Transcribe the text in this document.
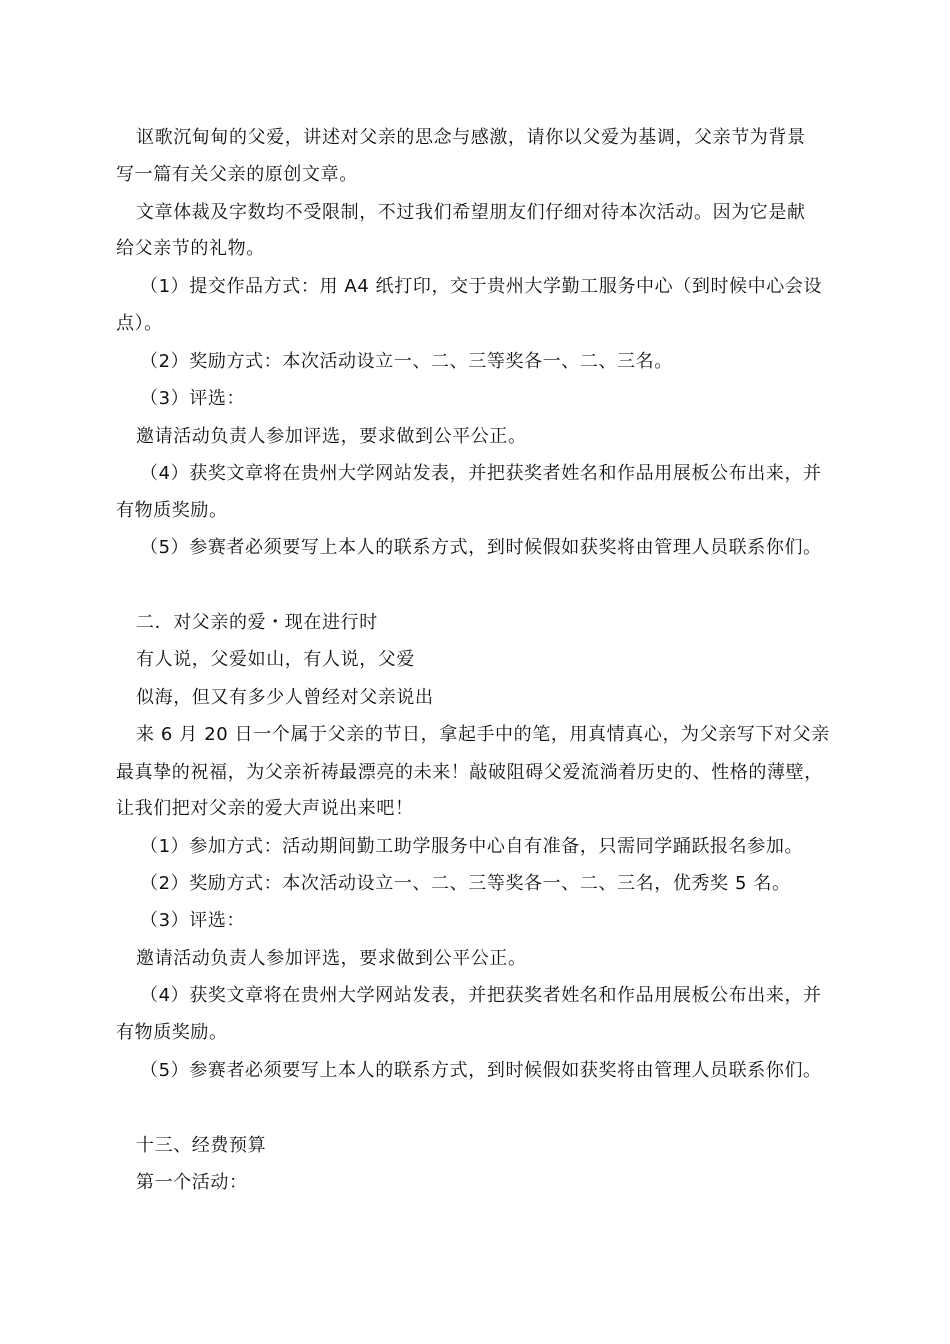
讴歌沉甸甸的父爱，讲述对父亲的思念与感激，请你以父爱为基调，父亲节为背景
写一篇有关父亲的原创文章。
文章体裁及字数均不受限制，不过我们希望朋友们仔细对待本次活动。因为它是献
给父亲节的礼物。
（1）提交作品方式：用 A4 纸打印，交于贵州大学勤工服务中心（到时候中心会设
点）。
（2）奖励方式：本次活动设立一、二、三等奖各一、二、三名。
（3）评选：
邀请活动负责人参加评选，要求做到公平公正。
（4）获奖文章将在贵州大学网站发表，并把获奖者姓名和作品用展板公布出来，并
有物质奖励。
（5）参赛者必须要写上本人的联系方式，到时候假如获奖将由管理人员联系你们。
二．对父亲的爱・现在进行时
有人说，父爱如山，有人说，父爱
似海，但又有多少人曾经对父亲说出
来 6 月 20 日一个属于父亲的节日，拿起手中的笔，用真情真心，为父亲写下对父亲
最真挚的祝福，为父亲祈祷最漂亮的未来！敲破阻碍父爱流淌着历史的、性格的薄壁，
让我们把对父亲的爱大声说出来吧！
（1）参加方式：活动期间勤工助学服务中心自有准备，只需同学踊跃报名参加。
（2）奖励方式：本次活动设立一、二、三等奖各一、二、三名，优秀奖 5 名。
（3）评选：
邀请活动负责人参加评选，要求做到公平公正。
（4）获奖文章将在贵州大学网站发表，并把获奖者姓名和作品用展板公布出来，并
有物质奖励。
（5）参赛者必须要写上本人的联系方式，到时候假如获奖将由管理人员联系你们。
十三、经费预算
第一个活动：
